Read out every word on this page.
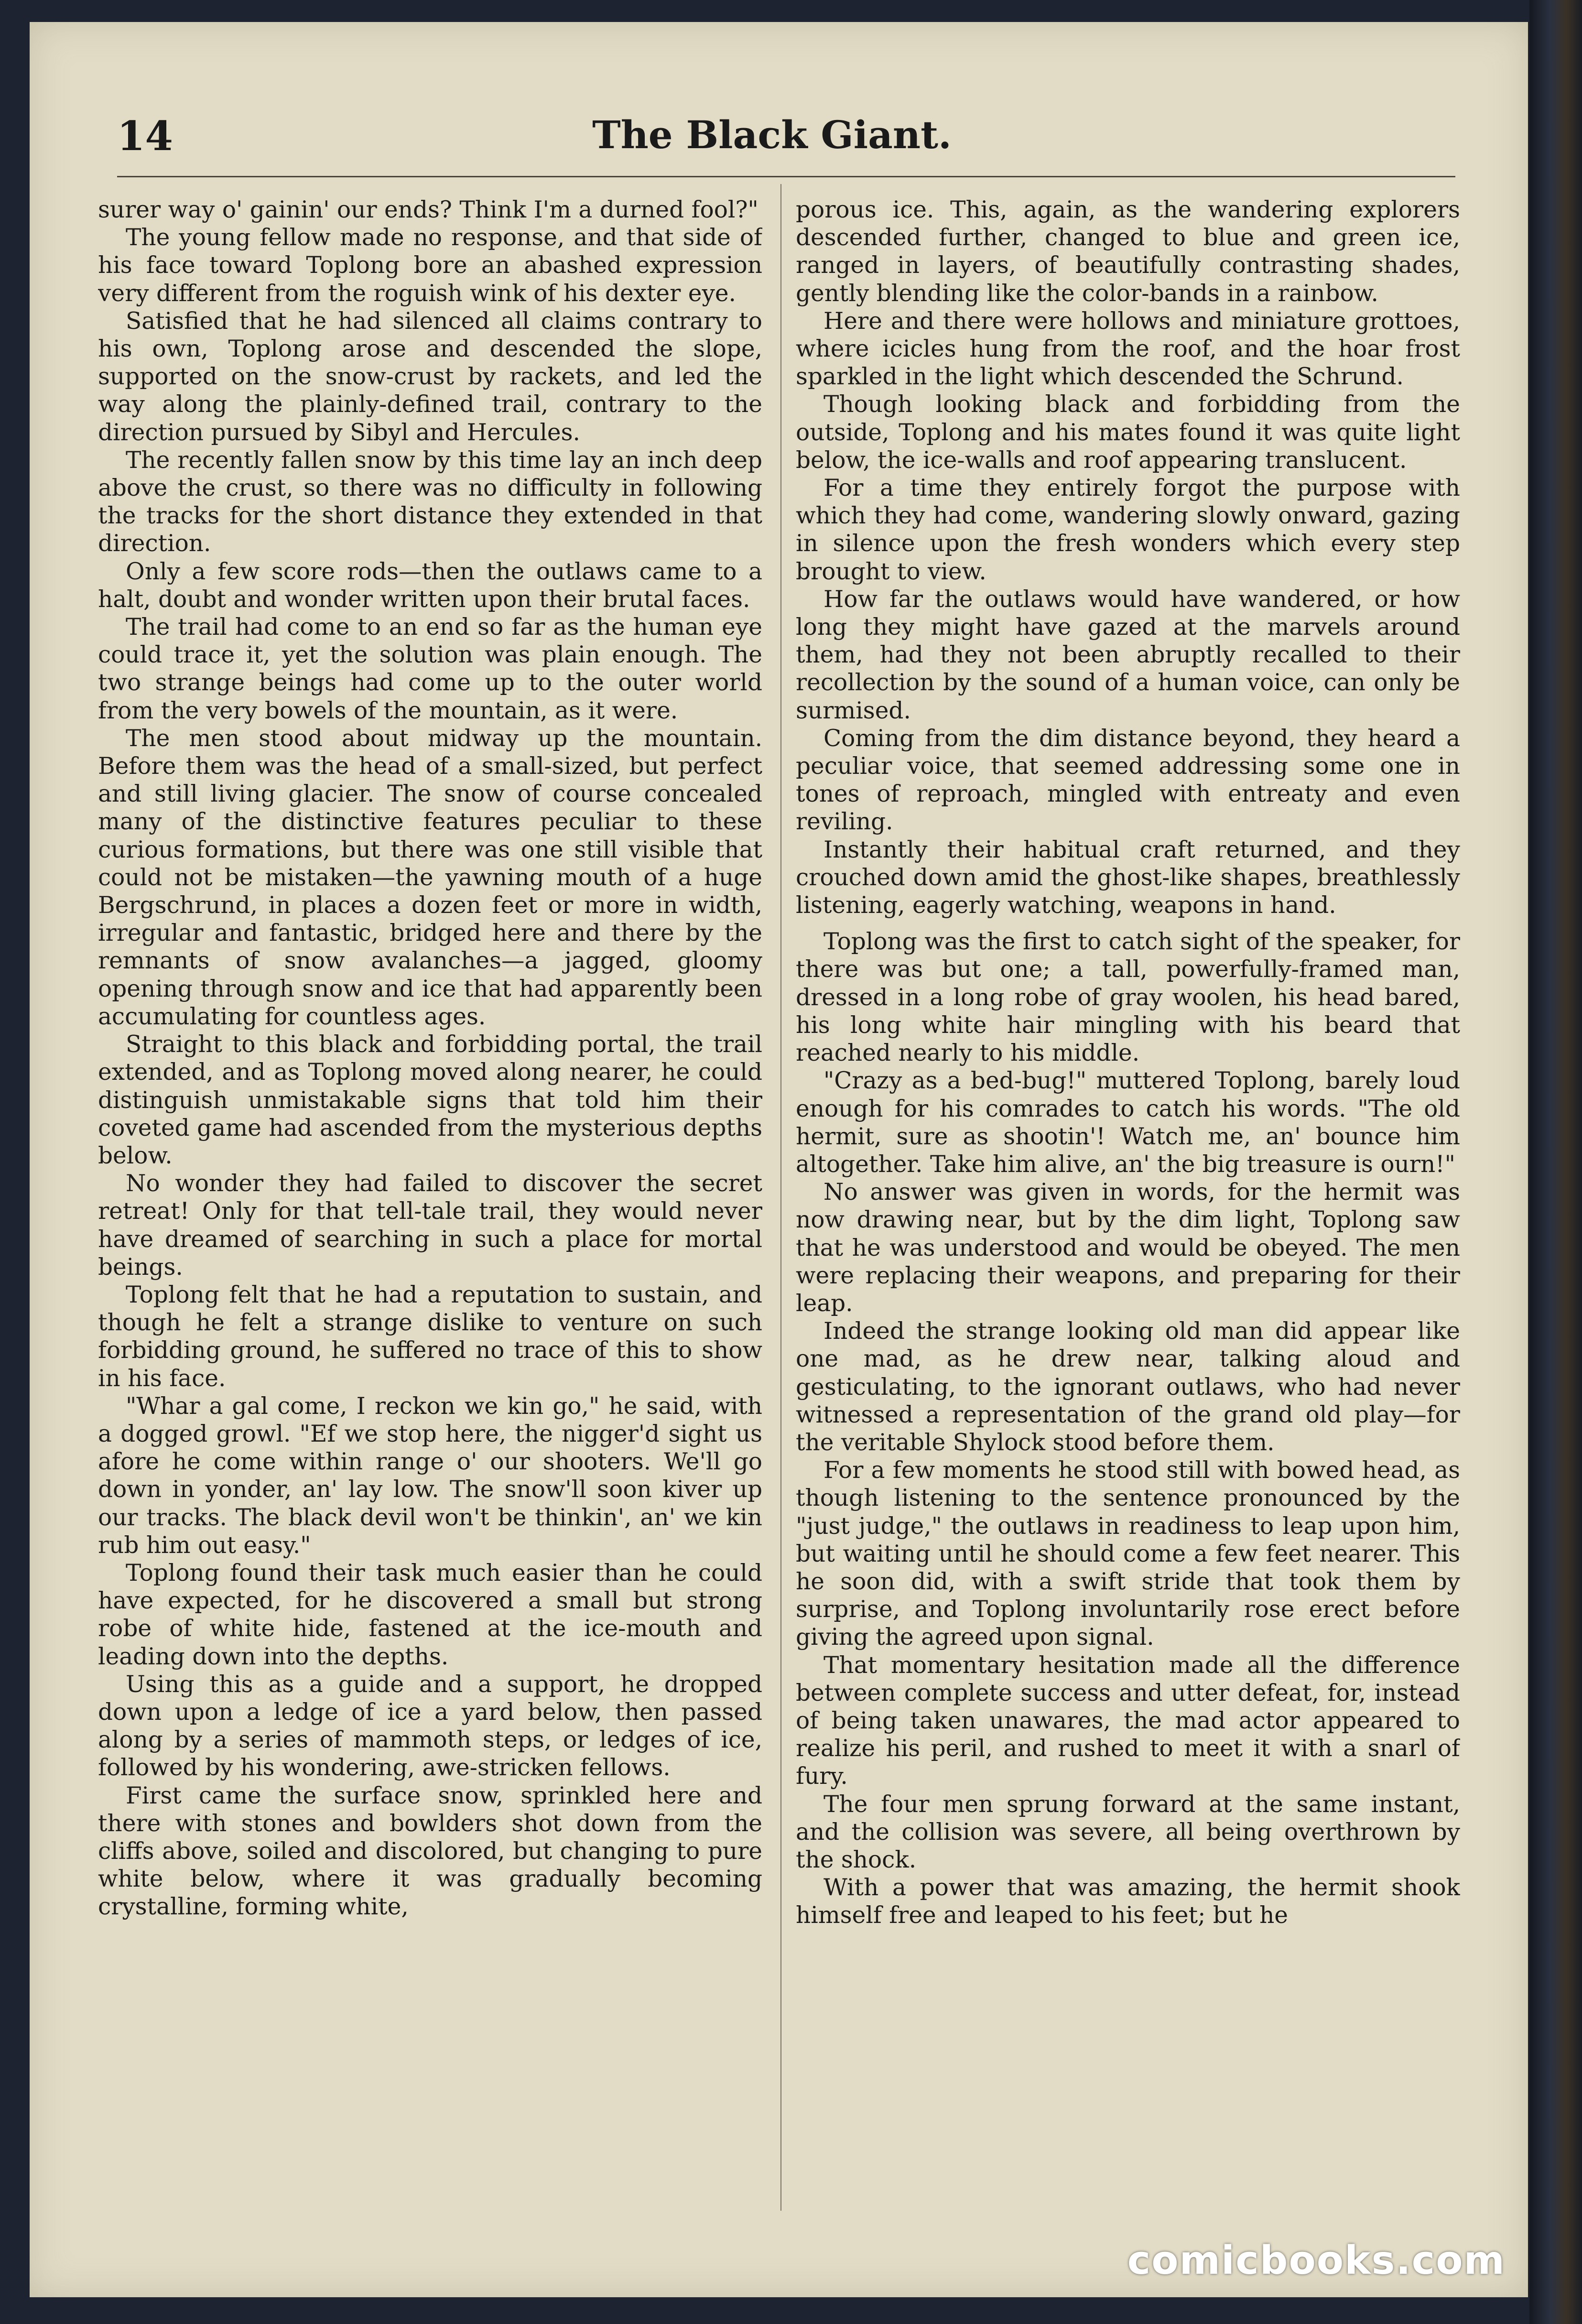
14	The Black Giant.

surer way o' gainin' our ends? Think I'm a durned fool?"

The young fellow made no response, and that side of his face toward Toplong bore an abashed expression very different from the roguish wink of his dexter eye.

Satisfied that he had silenced all claims contrary to his own, Toplong arose and descended the slope, supported on the snow-crust by rackets, and led the way along the plainly-defined trail, contrary to the direction pursued by Sibyl and Hercules.

The recently fallen snow by this time lay an inch deep above the crust, so there was no difficulty in following the tracks for the short distance they extended in that direction.

Only a few score rods—then the outlaws came to a halt, doubt and wonder written upon their brutal faces.

The trail had come to an end so far as the human eye could trace it, yet the solution was plain enough. The two strange beings had come up to the outer world from the very bowels of the mountain, as it were.

The men stood about midway up the mountain. Before them was the head of a small-sized, but perfect and still living glacier. The snow of course concealed many of the distinctive features peculiar to these curious formations, but there was one still visible that could not be mistaken—the yawning mouth of a huge Bergschrund, in places a dozen feet or more in width, irregular and fantastic, bridged here and there by the remnants of snow avalanches—a jagged, gloomy opening through snow and ice that had apparently been accumulating for countless ages.

Straight to this black and forbidding portal, the trail extended, and as Toplong moved along nearer, he could distinguish unmistakable signs that told him their coveted game had ascended from the mysterious depths below.

No wonder they had failed to discover the secret retreat! Only for that tell-tale trail, they would never have dreamed of searching in such a place for mortal beings.

Toplong felt that he had a reputation to sustain, and though he felt a strange dislike to venture on such forbidding ground, he suffered no trace of this to show in his face.

"Whar a gal come, I reckon we kin go," he said, with a dogged growl. "Ef we stop here, the nigger'd sight us afore he come within range o' our shooters. We'll go down in yonder, an' lay low. The snow'll soon kiver up our tracks. The black devil won't be thinkin', an' we kin rub him out easy."

Toplong found their task much easier than he could have expected, for he discovered a small but strong robe of white hide, fastened at the ice-mouth and leading down into the depths.

Using this as a guide and a support, he dropped down upon a ledge of ice a yard below, then passed along by a series of mammoth steps, or ledges of ice, followed by his wondering, awe-stricken fellows.

First came the surface snow, sprinkled here and there with stones and bowlders shot down from the cliffs above, soiled and discolored, but changing to pure white below, where it was gradually becoming crystalline, forming white,

porous ice. This, again, as the wandering explorers descended further, changed to blue and green ice, ranged in layers, of beautifully contrasting shades, gently blending like the color-bands in a rainbow.

Here and there were hollows and miniature grottoes, where icicles hung from the roof, and the hoar frost sparkled in the light which descended the Schrund.

Though looking black and forbidding from the outside, Toplong and his mates found it was quite light below, the ice-walls and roof appearing translucent.

For a time they entirely forgot the purpose with which they had come, wandering slowly onward, gazing in silence upon the fresh wonders which every step brought to view.

How far the outlaws would have wandered, or how long they might have gazed at the marvels around them, had they not been abruptly recalled to their recollection by the sound of a human voice, can only be surmised.

Coming from the dim distance beyond, they heard a peculiar voice, that seemed addressing some one in tones of reproach, mingled with entreaty and even reviling.

Instantly their habitual craft returned, and they crouched down amid the ghost-like shapes, breathlessly listening, eagerly watching, weapons in hand.

Toplong was the first to catch sight of the speaker, for there was but one; a tall, powerfully-framed man, dressed in a long robe of gray woolen, his head bared, his long white hair mingling with his beard that reached nearly to his middle.

"Crazy as a bed-bug!" muttered Toplong, barely loud enough for his comrades to catch his words. "The old hermit, sure as shootin'! Watch me, an' bounce him altogether. Take him alive, an' the big treasure is ourn!"

No answer was given in words, for the hermit was now drawing near, but by the dim light, Toplong saw that he was understood and would be obeyed. The men were replacing their weapons, and preparing for their leap.

Indeed the strange looking old man did appear like one mad, as he drew near, talking aloud and gesticulating, to the ignorant outlaws, who had never witnessed a representation of the grand old play—for the veritable Shylock stood before them.

For a few moments he stood still with bowed head, as though listening to the sentence pronounced by the "just judge," the outlaws in readiness to leap upon him, but waiting until he should come a few feet nearer. This he soon did, with a swift stride that took them by surprise, and Toplong involuntarily rose erect before giving the agreed upon signal.

That momentary hesitation made all the difference between complete success and utter defeat, for, instead of being taken unawares, the mad actor appeared to realize his peril, and rushed to meet it with a snarl of fury.

The four men sprung forward at the same instant, and the collision was severe, all being overthrown by the shock.

With a power that was amazing, the hermit shook himself free and leaped to his feet; but he

comicbooks.com
